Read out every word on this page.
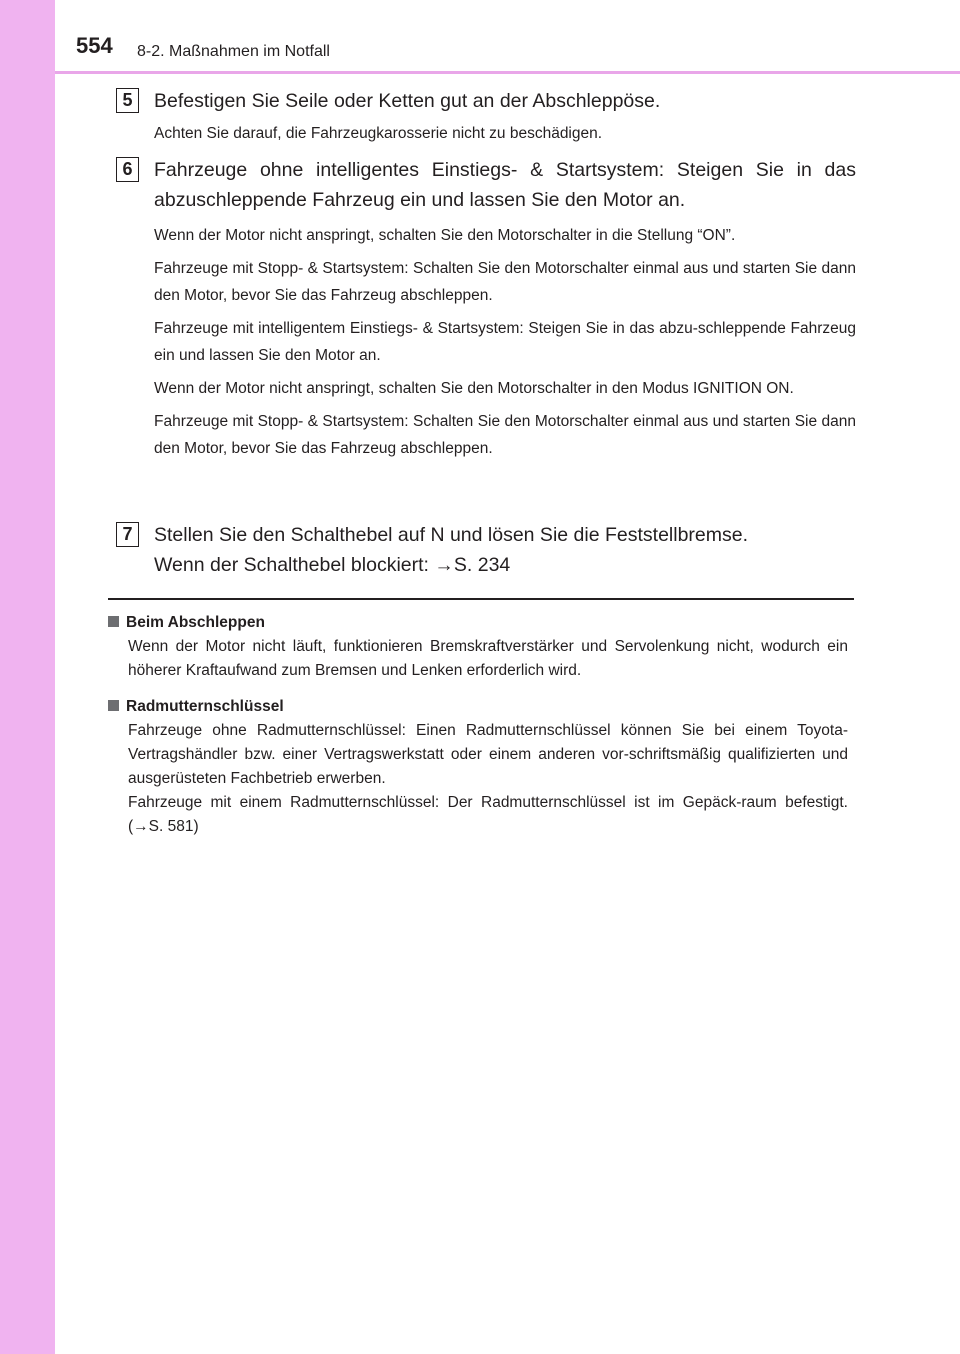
554 8-2. Maßnahmen im Notfall
5	Befestigen Sie Seile oder Ketten gut an der Abschleppöse.
Achten Sie darauf, die Fahrzeugkarosserie nicht zu beschädigen.
6	Fahrzeuge ohne intelligentes Einstiegs- & Startsystem: Steigen Sie in das abzuschleppende Fahrzeug ein und lassen Sie den Motor an.
Wenn der Motor nicht anspringt, schalten Sie den Motorschalter in die Stellung “ON”.
Fahrzeuge mit Stopp- & Startsystem: Schalten Sie den Motorschalter einmal aus und starten Sie dann den Motor, bevor Sie das Fahrzeug abschleppen.
Fahrzeuge mit intelligentem Einstiegs- & Startsystem: Steigen Sie in das abzu-schleppende Fahrzeug ein und lassen Sie den Motor an.
Wenn der Motor nicht anspringt, schalten Sie den Motorschalter in den Modus IGNITION ON.
Fahrzeuge mit Stopp- & Startsystem: Schalten Sie den Motorschalter einmal aus und starten Sie dann den Motor, bevor Sie das Fahrzeug abschleppen.
7	Stellen Sie den Schalthebel auf N und lösen Sie die Feststellbremse.
Wenn der Schalthebel blockiert: →S. 234
Beim Abschleppen
Wenn der Motor nicht läuft, funktionieren Bremskraftverstärker und Servolenkung nicht, wodurch ein höherer Kraftaufwand zum Bremsen und Lenken erforderlich wird.
Radmutternschlüssel
Fahrzeuge ohne Radmutternschlüssel: Einen Radmutternschlüssel können Sie bei einem Toyota-Vertragshändler bzw. einer Vertragswerkstatt oder einem anderen vor-schriftsmäßig qualifizierten und ausgerüsteten Fachbetrieb erwerben.
Fahrzeuge mit einem Radmutternschlüssel: Der Radmutternschlüssel ist im Gepäck-raum befestigt. (→S. 581)
